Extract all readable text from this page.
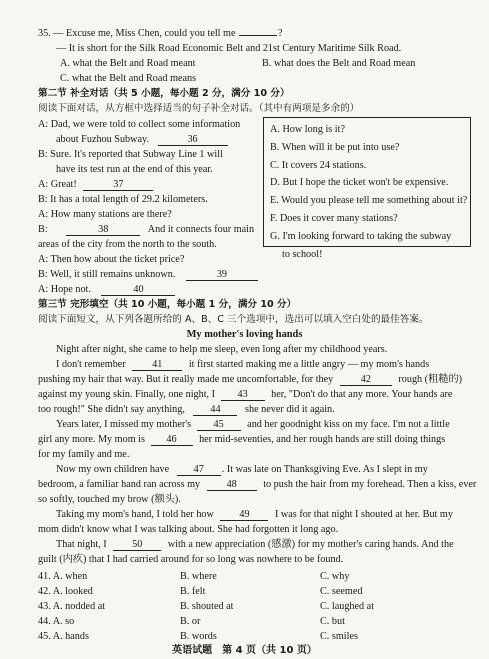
35. — Excuse me, Miss Chen, could you tell me	?
— It is short for the Silk Road Economic Belt and 21st Century Maritime Silk Road.
A. what the Belt and Road meant	B. what does the Belt and Road mean
C. what the Belt and Road means
第二节 补全对话（共 5 小题，每小题 2 分，满分 10 分）
阅读下面对话，从方框中选择适当的句子补全对话。（其中有两项是多余的）
A: Dad, we were told to collect some information
about Fuzhou Subway.	36
B: Sure. It's reported that Subway Line 1 will
have its test run at the end of this year.
A: Great!	37
B: It has a total length of 29.2 kilometers.
A: How many stations are there?
B:	38	And it connects four main
areas of the city from the north to the south.
A: Then how about the ticket price?
B: Well, it still remains unknown.	39
A: Hope not.	40
A. How long is it?
B. When will it be put into use?
C. It covers 24 stations.
D. But I hope the ticket won't be expensive.
E. Would you please tell me something about it?
F. Does it cover many stations?
G. I'm looking forward to taking the subway
to school!
第三节 完形填空（共 10 小题，每小题 1 分，满分 10 分）
阅读下面短文，从下列各题所给的 A、B、C 三个选项中，选出可以填入空白处的最佳答案。
My mother's loving hands
Night after night, she came to help me sleep, even long after my childhood years.
I don't remember	41	it first started making me a little angry — my mom's hands
pushing my hair that way. But it really made me uncomfortable, for they	42	rough (粗糙的)
against my young skin. Finally, one night, I 43 her, "Don't do that any more. Your hands are
too rough!" She didn't say anything, 44 she never did it again.
Years later, I missed my mother's 45 and her goodnight kiss on my face. I'm not a little
girl any more. My mom is 46 her mid-seventies, and her rough hands are still doing things
for my family and me.
Now my own children have 47 . It was late on Thanksgiving Eve. As I slept in my
bedroom, a familiar hand ran across my	48	to push the hair from my forehead. Then a kiss, ever
so softly, touched my brow (额头).
Taking my mom's hand, I told her how 49 I was for that night I shouted at her. But my
mom didn't know what I was talking about. She had forgotten it long ago.
That night, I 50 with a new appreciation (感激) for my mother's caring hands. And the
guilt (内疚) that I had carried around for so long was nowhere to be found.
41. A. when	B. where	C. why
42. A. looked	B. felt	C. seemed
43. A. nodded at	B. shouted at	C. laughed at
44. A. so	B. or	C. but
45. A. hands	B. words	C. smiles
英语试题　第 4 页（共 10 页）
